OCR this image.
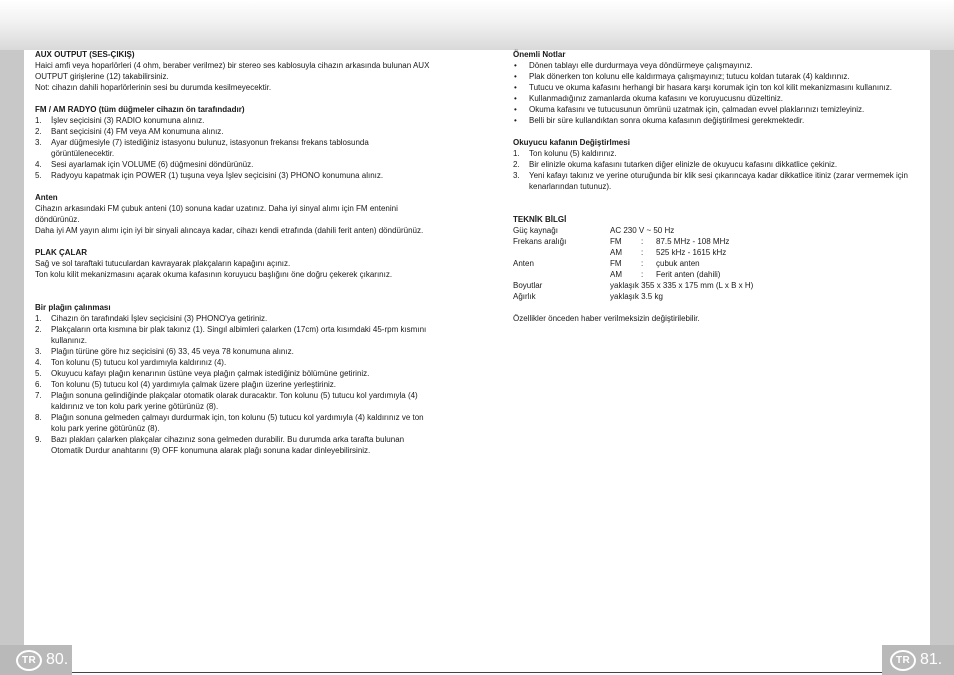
TR 80.	TR 81.

AUX OUTPUT (SES-ÇIKIŞ)

Haici amfi veya hoparlörleri (4 ohm, beraber verilmez) bir stereo ses kablosuyla cihazın arkasında bulunan AUX OUTPUT girişlerine (12) takabilirsiniz.

Not: cihazın dahili hoparlörlerinin sesi bu durumda kesilmeyecektir.

FM / AM RADYO (tüm düğmeler cihazın ön tarafındadır)

1. İşlev seçicisini (3) RADIO konumuna alınız.
2. Bant seçicisini (4) FM veya AM konumuna alınız.
3. Ayar düğmesiyle (7) istediğiniz istasyonu bulunuz, istasyonun frekansı frekans tablosunda görüntülenecektir.
4. Sesi ayarlamak için VOLUME (6) düğmesini döndürünüz.
5. Radyoyu kapatmak için POWER (1) tuşuna veya İşlev seçicisini (3) PHONO konumuna alınız.

Anten

Cihazın arkasındaki FM çubuk anteni (10) sonuna kadar uzatınız. Daha iyi sinyal alımı için FM entenini döndürünüz.

Daha iyi AM yayın alımı için iyi bir sinyali alıncaya kadar, cihazı kendi etrafında (dahili ferit anten) döndürünüz.

PLAK ÇALAR

Sağ ve sol taraftaki tutuculardan kavrayarak plakçaların kapağını açınız.

Ton kolu kilit mekanizmasını açarak okuma kafasının koruyucu başlığını öne doğru çekerek çıkarınız.

Bir plağın çalınması

1. Cihazın ön tarafındaki İşlev seçicisini (3) PHONO'ya getiriniz.
2. Plakçaların orta kısmına bir plak takınız (1). Singıl albimleri çalarken (17cm) orta kısımdaki 45-rpm kısmını kullanınız.
3. Plağın türüne göre hız seçicisini (6) 33, 45 veya 78 konumuna alınız.
4. Ton kolunu (5) tutucu kol yardımıyla kaldırınız (4).
5. Okuyucu kafayı plağın kenarının üstüne veya plağın çalmak istediğiniz bölümüne getiriniz.
6. Ton kolunu (5) tutucu kol (4) yardımıyla çalmak üzere plağın üzerine yerleştiriniz.
7. Plağın sonuna gelindiğinde plakçalar otomatik olarak duracaktır. Ton kolunu (5) tutucu kol yardımıyla (4) kaldırınız ve ton kolu park yerine götürünüz (8).
8. Plağın sonuna gelmeden çalmayı durdurmak için, ton kolunu (5) tutucu kol yardımıyla (4) kaldırınız ve ton kolu park yerine götürünüz (8).
9. Bazı plakları çalarken plakçalar cihazınız sona gelmeden durabilir. Bu durumda arka tarafta bulunan Otomatik Durdur anahtarını (9) OFF konumuna alarak plağı sonuna kadar dinleyebilirsiniz.

Önemli Notlar

• Dönen tablayı elle durdurmaya veya döndürmeye çalışmayınız.
• Plak dönerken ton kolunu elle kaldırmaya çalışmayınız; tutucu koldan tutarak (4) kaldırınız.
• Tutucu ve okuma kafasını herhangi bir hasara karşı korumak için ton kol kilit mekanizmasını kullanınız.
• Kullanmadığınız zamanlarda okuma kafasını ve koruyucusnu düzeltiniz.
• Okuma kafasını ve tutucusunun ömrünü uzatmak için, çalmadan evvel plaklarınızı temizleyiniz.
• Belli bir süre kullandıktan sonra okuma kafasının değiştirilmesi gerekmektedir.

Okuyucu kafanın Değiştirlmesi

1. Ton kolunu (5) kaldırınız.
2. Bir elinizle okuma kafasını tutarken diğer elinizle de okuyucu kafasını dikkatlice çekiniz.
3. Yeni kafayı takınız ve yerine oturuğunda bir klik sesi çıkarıncaya kadar dikkatlice itiniz (zarar vermemek için kenarlarından tutunuz).

TEKNİK BİLGİ

Güç kaynağı	AC 230 V ~ 50 Hz		
Frekans aralığı	FM	:	87.5 MHz - 108 MHz
	AM	:	525 kHz - 1615 kHz
Anten	FM	:	çubuk anten
	AM	:	Ferit anten (dahili)
Boyutlar	yaklaşık 355 x 335 x 175 mm (L x B x H)		
Ağırlık	yaklaşık 3.5 kg		

Özellikler önceden haber verilmeksizin değiştirilebilir.
